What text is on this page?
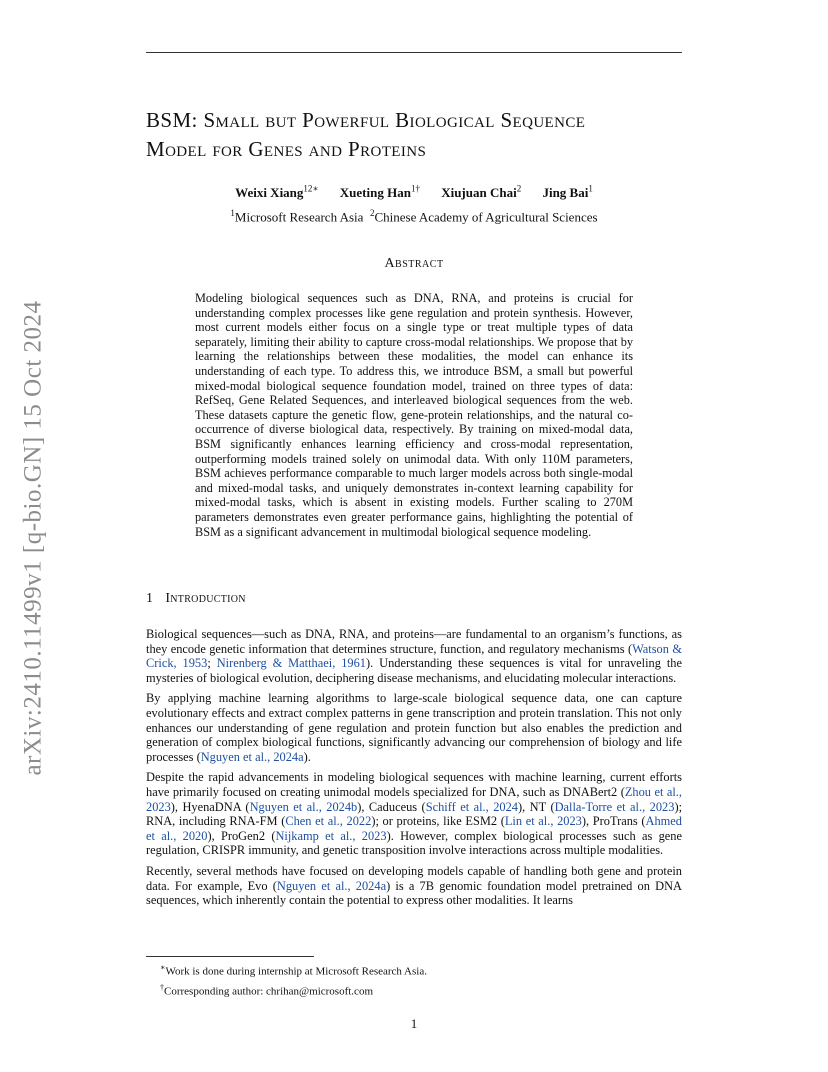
arXiv:2410.11499v1 [q-bio.GN] 15 Oct 2024
BSM: Small but Powerful Biological Sequence
Model for Genes and Proteins
Weixi Xiang$^{12∗}$ Xueting Han$^{1\dagger}$ Xiujuan Chai$^2$ Jing Bai$^1$
$^1$Microsoft Research Asia $^2$Chinese Academy of Agricultural Sciences
Abstract
Modeling biological sequences such as DNA, RNA, and proteins is crucial for understanding complex processes like gene regulation and protein synthesis. However, most current models either focus on a single type or treat multiple types of data separately, limiting their ability to capture cross-modal relationships. We propose that by learning the relationships between these modalities, the model can enhance its understanding of each type. To address this, we introduce BSM, a small but powerful mixed-modal biological sequence foundation model, trained on three types of data: RefSeq, Gene Related Sequences, and interleaved biological sequences from the web. These datasets capture the genetic flow, gene-protein relationships, and the natural co-occurrence of diverse biological data, respectively. By training on mixed-modal data, BSM significantly enhances learning efficiency and cross-modal representation, outperforming models trained solely on unimodal data. With only 110M parameters, BSM achieves performance comparable to much larger models across both single-modal and mixed-modal tasks, and uniquely demonstrates in-context learning capability for mixed-modal tasks, which is absent in existing models. Further scaling to 270M parameters demonstrates even greater performance gains, highlighting the potential of BSM as a significant advancement in multimodal biological sequence modeling.
1 Introduction

Biological sequences—such as DNA, RNA, and proteins—are fundamental to an organism’s functions, as they encode genetic information that determines structure, function, and regulatory mechanisms (Watson & Crick, 1953; Nirenberg & Matthaei, 1961). Understanding these sequences is vital for unraveling the mysteries of biological evolution, deciphering disease mechanisms, and elucidating molecular interactions.

By applying machine learning algorithms to large-scale biological sequence data, one can capture evolutionary effects and extract complex patterns in gene transcription and protein translation. This not only enhances our understanding of gene regulation and protein function but also enables the prediction and generation of complex biological functions, significantly advancing our comprehension of biology and life processes (Nguyen et al., 2024a).

Despite the rapid advancements in modeling biological sequences with machine learning, current efforts have primarily focused on creating unimodal models specialized for DNA, such as DNABert2 (Zhou et al., 2023), HyenaDNA (Nguyen et al., 2024b), Caduceus (Schiff et al., 2024), NT (Dalla-Torre et al., 2023); RNA, including RNA-FM (Chen et al., 2022); or proteins, like ESM2 (Lin et al., 2023), ProTrans (Ahmed et al., 2020), ProGen2 (Nijkamp et al., 2023). However, complex biological processes such as gene regulation, CRISPR immunity, and genetic transposition involve interactions across multiple modalities.

Recently, several methods have focused on developing models capable of handling both gene and protein data. For example, Evo (Nguyen et al., 2024a) is a 7B genomic foundation model pretrained on DNA sequences, which inherently contain the potential to express other modalities. It learns

∗Work is done during internship at Microsoft Research Asia.
†Corresponding author: chrihan@microsoft.com
1
